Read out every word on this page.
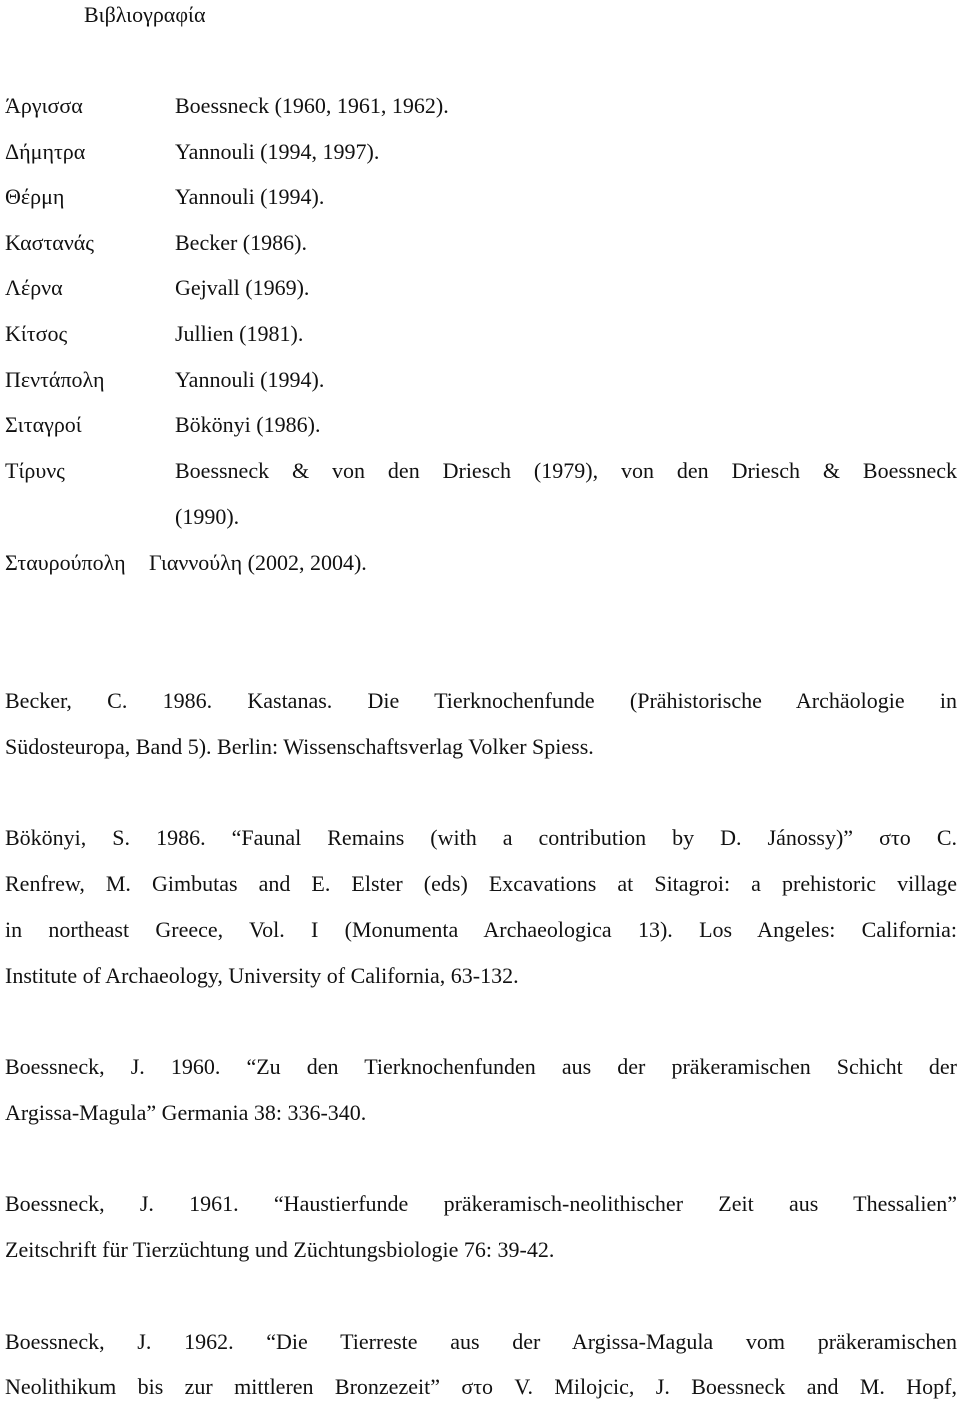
Βιβλιογραφία
Άργισσα	Boessneck (1960, 1961, 1962).
Δήμητρα	Yannouli (1994, 1997).
Θέρμη	Yannouli (1994).
Καστανάς	Becker (1986).
Λέρνα	Gejvall (1969).
Κίτσος	Jullien (1981).
Πεντάπολη	Yannouli (1994).
Σιταγροί	Bökönyi (1986).
Τίρυνς	Boessneck & von den Driesch (1979), von den Driesch & Boessneck
(1990).
Σταυρούπολη Γιαννούλη (2002, 2004).
Becker, C. 1986. Kastanas. Die Tierknochenfunde (Prähistorische Archäologie in
Südosteuropa, Band 5). Berlin: Wissenschaftsverlag Volker Spiess.
Bökönyi, S. 1986. “Faunal Remains (with a contribution by D. Jánossy)” στο C.
Renfrew, M. Gimbutas and E. Elster (eds) Excavations at Sitagroi: a prehistoric village
in northeast Greece, Vol. I (Monumenta Archaeologica 13). Los Angeles: California:
Institute of Archaeology, University of California, 63-132.
Boessneck, J. 1960. “Zu den Tierknochenfunden aus der präkeramischen Schicht der
Argissa-Magula” Germania 38: 336-340.
Boessneck, J. 1961. “Haustierfunde präkeramisch-neolithischer Zeit aus Thessalien”
Zeitschrift für Tierzüchtung und Züchtungsbiologie 76: 39-42.
Boessneck, J. 1962. “Die Tierreste aus der Argissa-Magula vom präkeramischen
Neolithikum bis zur mittleren Bronzezeit” στο V. Milojcic, J. Boessneck and M. Hopf,
